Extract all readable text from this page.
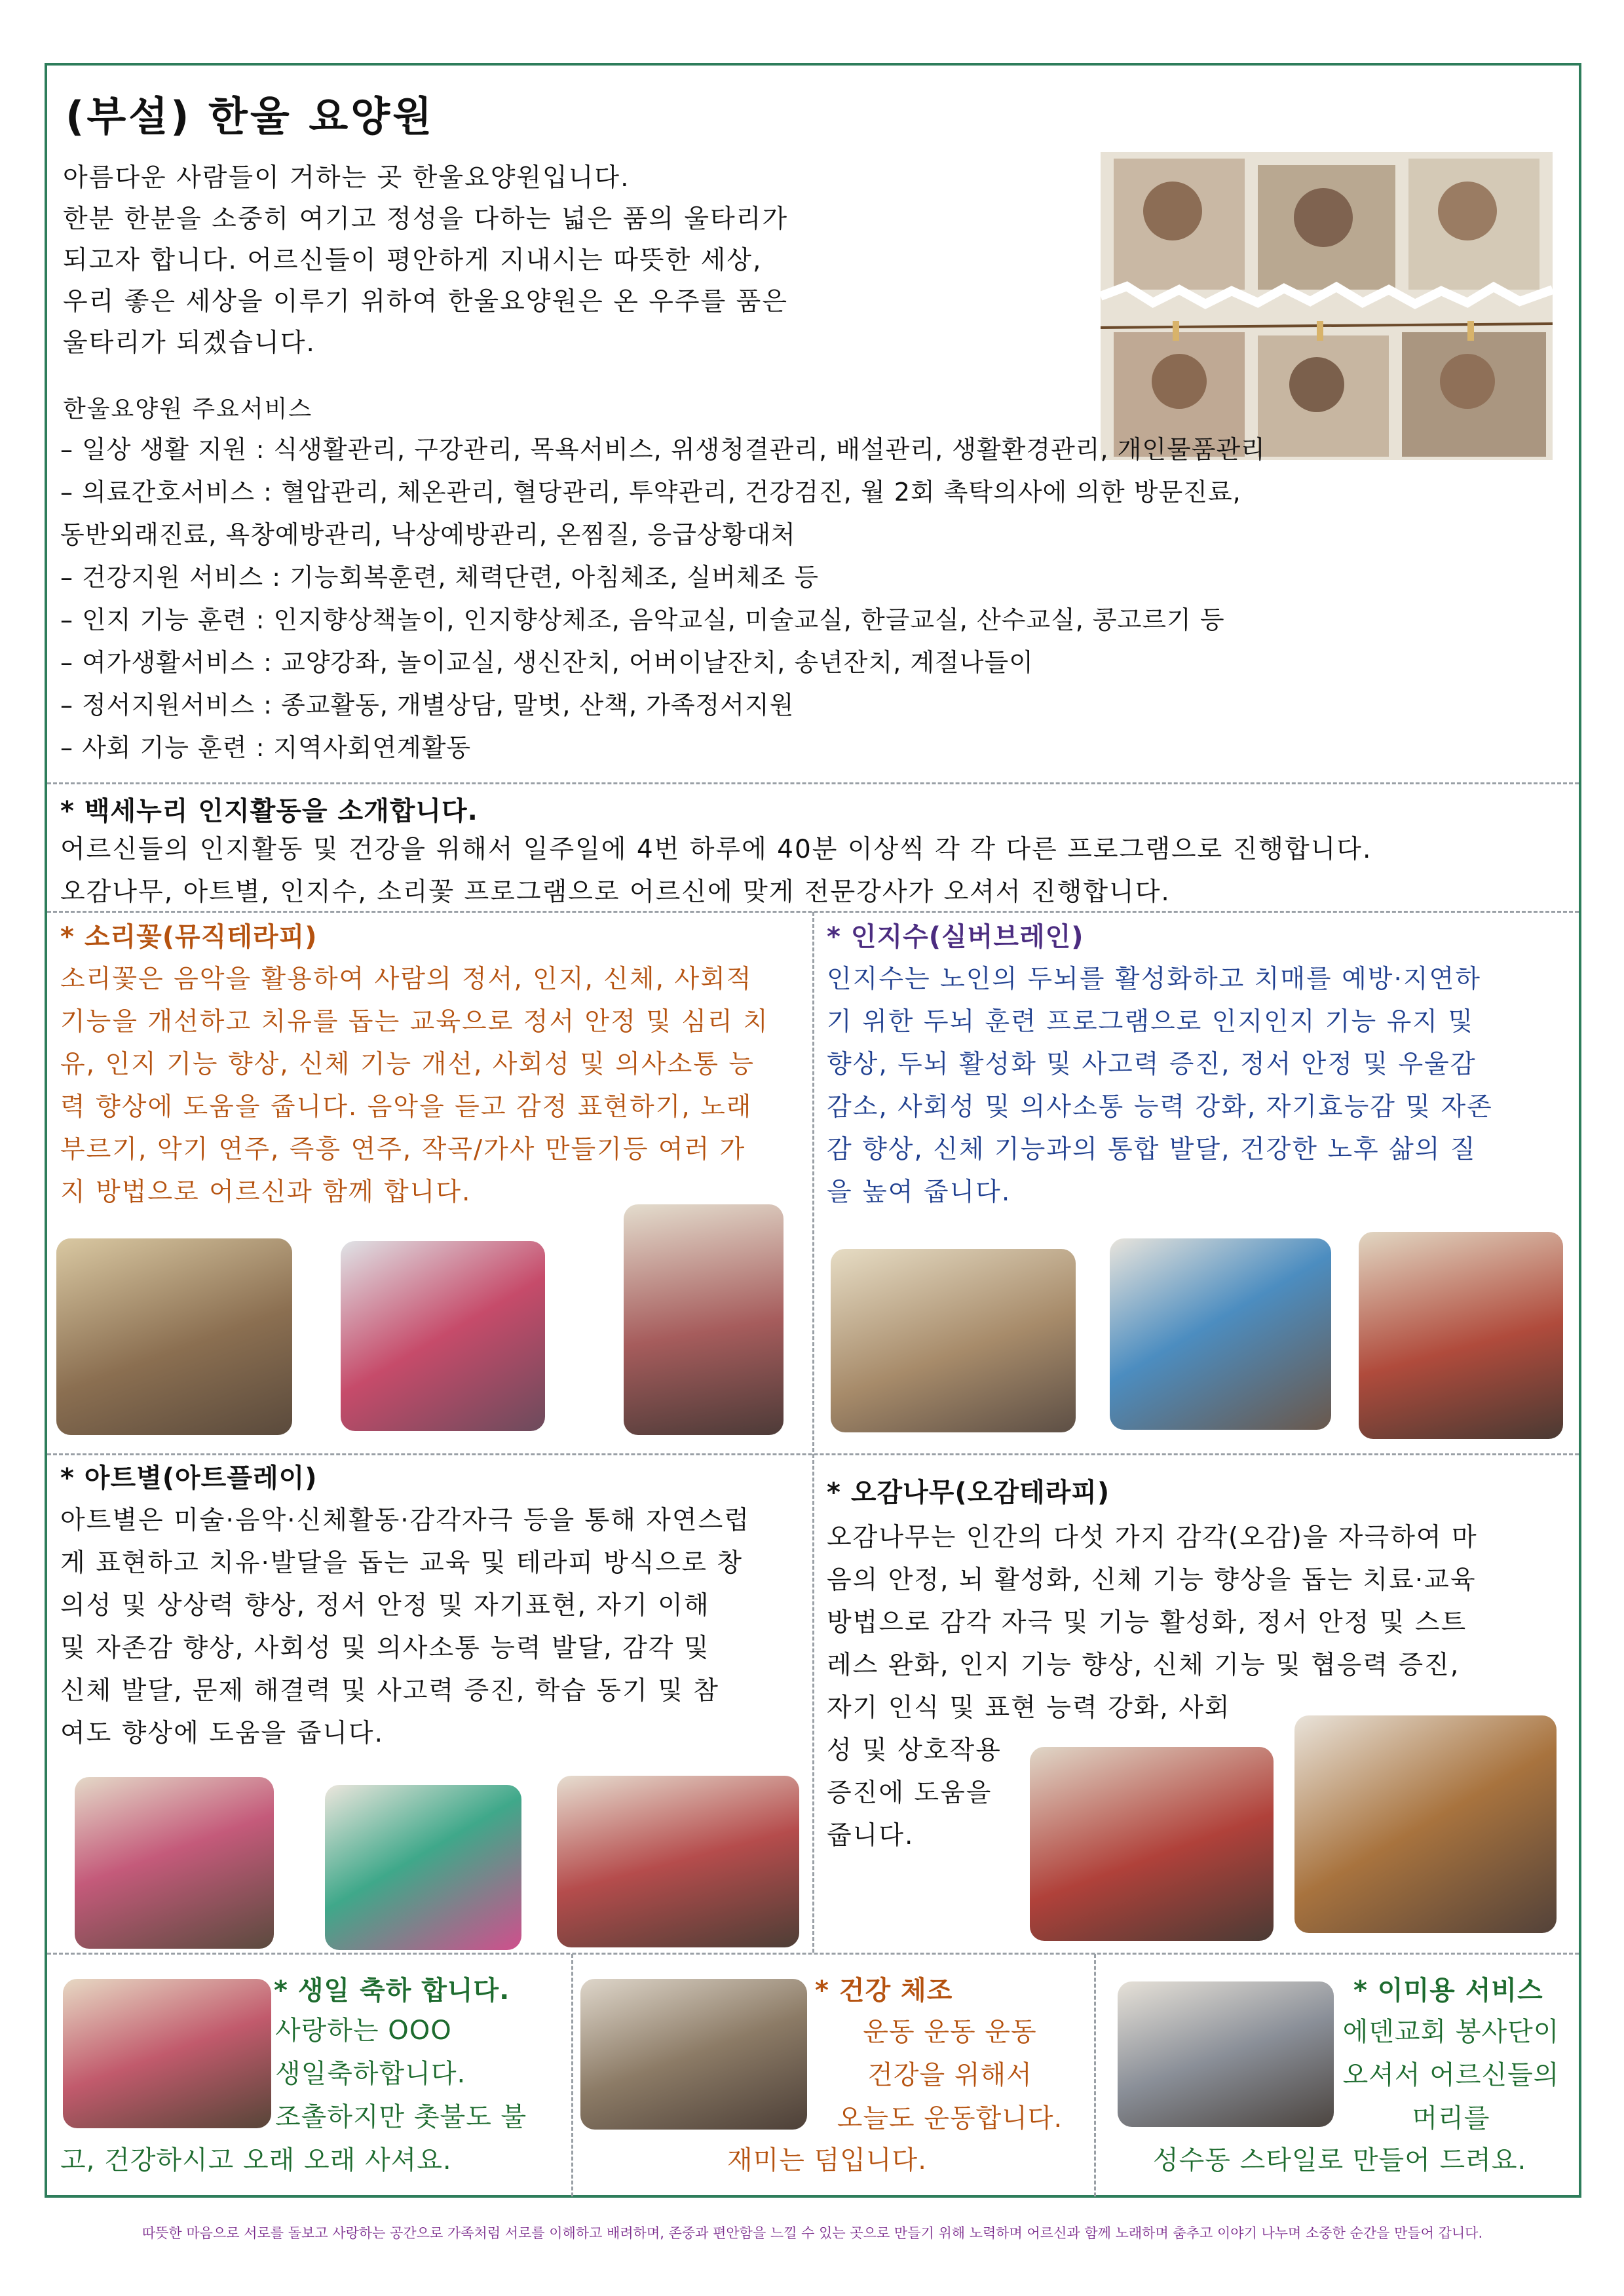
(부설) 한울 요양원
아름다운 사람들이 거하는 곳 한울요양원입니다.
한분 한분을 소중히 여기고 정성을 다하는 넓은 품의 울타리가
되고자 합니다. 어르신들이 평안하게 지내시는 따뜻한 세상,
우리 좋은 세상을 이루기 위하여 한울요양원은 온 우주를 품은
울타리가 되겠습니다.
한울요양원 주요서비스
– 일상 생활 지원 : 식생활관리, 구강관리, 목욕서비스, 위생청결관리, 배설관리, 생활환경관리, 개인물품관리
– 의료간호서비스 : 혈압관리, 체온관리, 혈당관리, 투약관리, 건강검진, 월 2회 촉탁의사에 의한 방문진료,
동반외래진료, 욕창예방관리, 낙상예방관리, 온찜질, 응급상황대처
– 건강지원 서비스 : 기능회복훈련, 체력단련, 아침체조, 실버체조 등
– 인지 기능 훈련 : 인지향상책놀이, 인지향상체조, 음악교실, 미술교실, 한글교실, 산수교실, 콩고르기 등
– 여가생활서비스 : 교양강좌, 놀이교실, 생신잔치, 어버이날잔치, 송년잔치, 계절나들이
– 정서지원서비스 : 종교활동, 개별상담, 말벗, 산책, 가족정서지원
– 사회 기능 훈련 : 지역사회연계활동
* 백세누리 인지활동을 소개합니다.
어르신들의 인지활동 및 건강을 위해서 일주일에 4번 하루에 40분 이상씩 각 각 다른 프로그램으로 진행합니다.
오감나무, 아트별, 인지수, 소리꽃 프로그램으로 어르신에 맞게 전문강사가 오셔서 진행합니다.
* 소리꽃(뮤직테라피)
소리꽃은 음악을 활용하여 사람의 정서, 인지, 신체, 사회적
기능을 개선하고 치유를 돕는 교육으로 정서 안정 및 심리 치
유, 인지 기능 향상, 신체 기능 개선, 사회성 및 의사소통 능
력 향상에 도움을 줍니다. 음악을 듣고 감정 표현하기, 노래
부르기, 악기 연주, 즉흥 연주, 작곡/가사 만들기등 여러 가
지 방법으로 어르신과 함께 합니다.
* 인지수(실버브레인)
인지수는 노인의 두뇌를 활성화하고 치매를 예방·지연하
기 위한 두뇌 훈련 프로그램으로 인지인지 기능 유지 및
향상, 두뇌 활성화 및 사고력 증진, 정서 안정 및 우울감
감소, 사회성 및 의사소통 능력 강화, 자기효능감 및 자존
감 향상, 신체 기능과의 통합 발달, 건강한 노후 삶의 질
을 높여 줍니다.
* 아트별(아트플레이)
아트별은 미술·음악·신체활동·감각자극 등을 통해 자연스럽
게 표현하고 치유·발달을 돕는 교육 및 테라피 방식으로 창
의성 및 상상력 향상, 정서 안정 및 자기표현, 자기 이해
및 자존감 향상, 사회성 및 의사소통 능력 발달, 감각 및
신체 발달, 문제 해결력 및 사고력 증진, 학습 동기 및 참
여도 향상에 도움을 줍니다.
* 오감나무(오감테라피)
오감나무는 인간의 다섯 가지 감각(오감)을 자극하여 마
음의 안정, 뇌 활성화, 신체 기능 향상을 돕는 치료·교육
방법으로 감각 자극 및 기능 활성화, 정서 안정 및 스트
레스 완화, 인지 기능 향상, 신체 기능 및 협응력 증진,
자기 인식 및 표현 능력 강화, 사회
성 및 상호작용
증진에 도움을
줍니다.
* 생일 축하 합니다.
사랑하는 OOO
생일축하합니다.
조촐하지만 촛불도 불
고, 건강하시고 오래 오래 사셔요.
* 건강 체조
운동 운동 운동
건강을 위해서
오늘도 운동합니다.
재미는 덤입니다.
* 이미용 서비스
에덴교회 봉사단이
오셔서 어르신들의
머리를
성수동 스타일로 만들어 드려요.
따뜻한 마음으로 서로를 돌보고 사랑하는 공간으로 가족처럼 서로를 이해하고 배려하며, 존중과 편안함을 느낄 수 있는 곳으로 만들기 위해 노력하며 어르신과 함께 노래하며 춤추고 이야기 나누며 소중한 순간을 만들어 갑니다.
